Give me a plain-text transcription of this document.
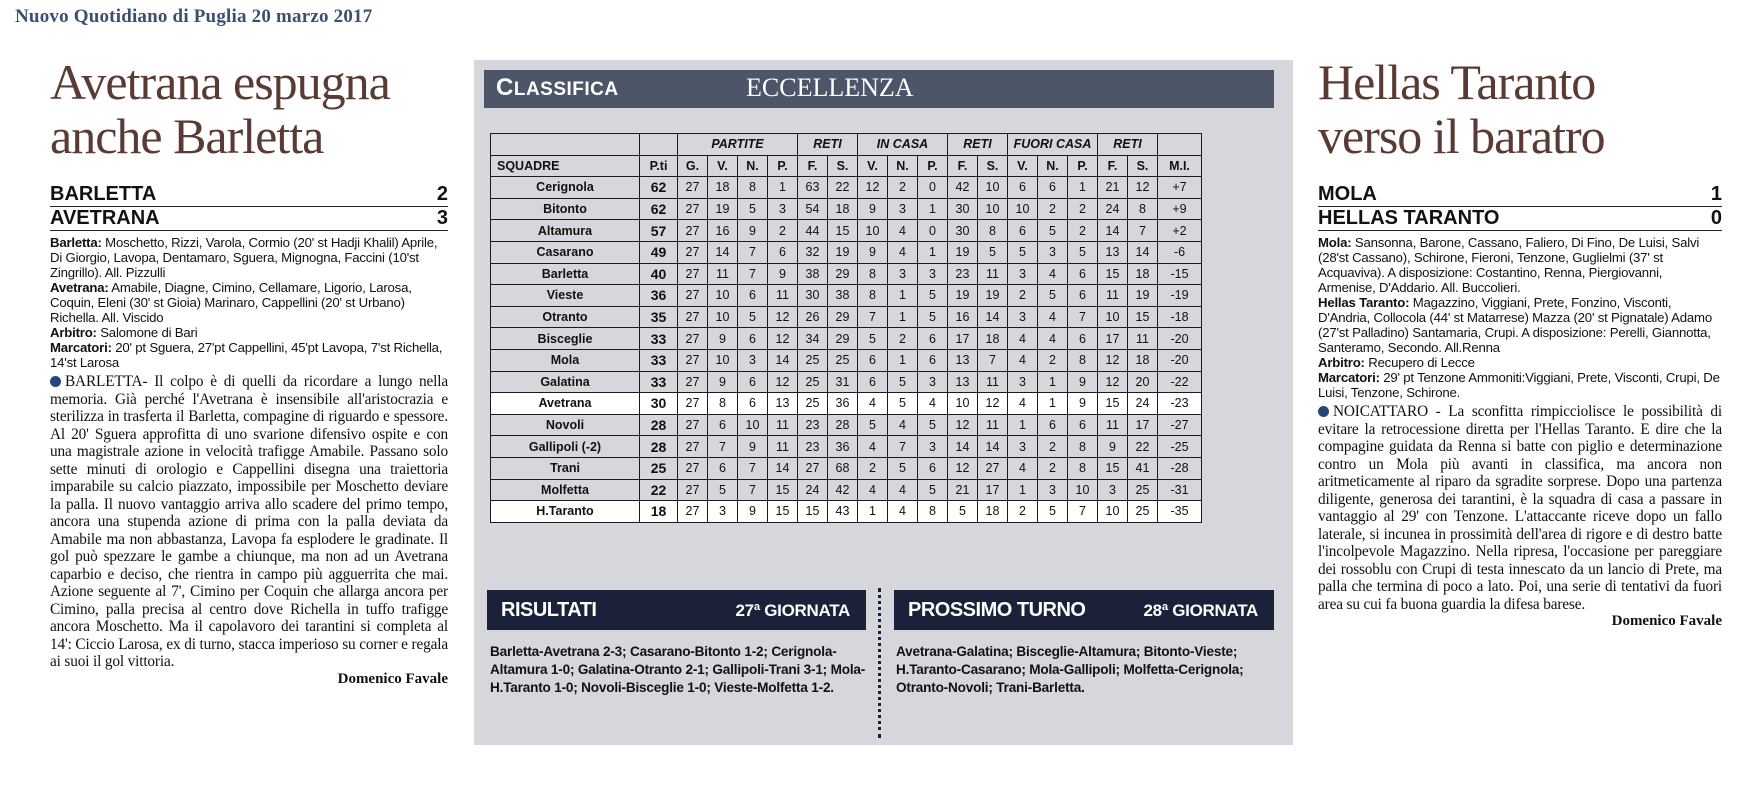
Nuovo Quotidiano di Puglia 20 marzo 2017
Avetrana espugna
anche Barletta
BARLETTA	2
AVETRANA	3
Barletta: Moschetto, Rizzi, Varola, Cormio (20' st Hadji Khalil) Aprile, Di Giorgio, Lavopa, Dentamaro, Sguera, Mignogna, Faccini (10'st Zingrillo). All. Pizzulli
Avetrana: Amabile, Diagne, Cimino, Cellamare, Ligorio, Larosa, Coquin, Eleni (30' st Gioia) Marinaro, Cappellini (20' st Urbano) Richella. All. Viscido
Arbitro: Salomone di Bari
Marcatori: 20' pt Sguera, 27'pt Cappellini, 45'pt Lavopa, 7'st Richella, 14'st Larosa
BARLETTA- Il colpo è di quelli da ricordare a lungo nella memoria. Già perché l'Avetrana è insensibile all'aristocrazia e sterilizza in trasferta il Barletta, compagine di riguardo e spessore. Al 20' Sguera approfitta di uno svarione difensivo ospite e con una magistrale azione in velocità trafigge Amabile. Passano solo sette minuti di orologio e Cappellini disegna una traiettoria imparabile su calcio piazzato, impossibile per Moschetto deviare la palla. Il nuovo vantaggio arriva allo scadere del primo tempo, ancora una stupenda azione di prima con la palla deviata da Amabile ma non abbastanza, Lavopa fa esplodere le gradinate. Il gol può spezzare le gambe a chiunque, ma non ad un Avetrana caparbio e deciso, che rientra in campo più agguerrita che mai. Azione seguente al 7', Cimino per Coquin che allarga ancora per Cimino, palla precisa al centro dove Richella in tuffo trafigge ancora Moschetto. Ma il capolavoro dei tarantini si completa al 14': Ciccio Larosa, ex di turno, stacca imperioso su corner e regala ai suoi il gol vittoria.
Domenico Favale
CLASSIFICA	ECCELLENZA
		PARTITE				RETI		IN CASA			RETI		FUORI CASA			RETI		
SQUADRE	P.ti	G.	V.	N.	P.	F.	S.	V.	N.	P.	F.	S.	V.	N.	P.	F.	S.	M.I.
Cerignola	62	27	18	8	1	63	22	12	2	0	42	10	6	6	1	21	12	+7
Bitonto	62	27	19	5	3	54	18	9	3	1	30	10	10	2	2	24	8	+9
Altamura	57	27	16	9	2	44	15	10	4	0	30	8	6	5	2	14	7	+2
Casarano	49	27	14	7	6	32	19	9	4	1	19	5	5	3	5	13	14	-6
Barletta	40	27	11	7	9	38	29	8	3	3	23	11	3	4	6	15	18	-15
Vieste	36	27	10	6	11	30	38	8	1	5	19	19	2	5	6	11	19	-19
Otranto	35	27	10	5	12	26	29	7	1	5	16	14	3	4	7	10	15	-18
Bisceglie	33	27	9	6	12	34	29	5	2	6	17	18	4	4	6	17	11	-20
Mola	33	27	10	3	14	25	25	6	1	6	13	7	4	2	8	12	18	-20
Galatina	33	27	9	6	12	25	31	6	5	3	13	11	3	1	9	12	20	-22
Avetrana	30	27	8	6	13	25	36	4	5	4	10	12	4	1	9	15	24	-23
Novoli	28	27	6	10	11	23	28	5	4	5	12	11	1	6	6	11	17	-27
Gallipoli (-2)	28	27	7	9	11	23	36	4	7	3	14	14	3	2	8	9	22	-25
Trani	25	27	6	7	14	27	68	2	5	6	12	27	4	2	8	15	41	-28
Molfetta	22	27	5	7	15	24	42	4	4	5	21	17	1	3	10	3	25	-31
H.Taranto	18	27	3	9	15	15	43	1	4	8	5	18	2	5	7	10	25	-35
RISULTATI	27ª GIORNATA	PROSSIMO TURNO	28ª GIORNATA
Barletta-Avetrana 2-3; Casarano-Bitonto 1-2; Cerignola-Altamura 1-0; Galatina-Otranto 2-1; Gallipoli-Trani 3-1; Mola-H.Taranto 1-0; Novoli-Bisceglie 1-0; Vieste-Molfetta 1-2.
Avetrana-Galatina; Bisceglie-Altamura; Bitonto-Vieste; H.Taranto-Casarano; Mola-Gallipoli; Molfetta-Cerignola; Otranto-Novoli; Trani-Barletta.
Hellas Taranto
verso il baratro
MOLA	1
HELLAS TARANTO	0
Mola: Sansonna, Barone, Cassano, Faliero, Di Fino, De Luisi, Salvi (28'st Cassano), Schirone, Fieroni, Tenzone, Guglielmi (37' st Acquaviva). A disposizione: Costantino, Renna, Piergiovanni, Armenise, D'Addario. All. Buccolieri.
Hellas Taranto: Magazzino, Viggiani, Prete, Fonzino, Visconti, D'Andria, Collocola (44' st Matarrese) Mazza (20' st Pignatale) Adamo (27'st Palladino) Santamaria, Crupi. A disposizione: Perelli, Giannotta, Santeramo, Secondo. All.Renna
Arbitro: Recupero di Lecce
Marcatori: 29' pt Tenzone Ammoniti:Viggiani, Prete, Visconti, Crupi, De Luisi, Tenzone, Schirone.
NOICATTARO - La sconfitta rimpicciolisce le possibilità di evitare la retrocessione diretta per l'Hellas Taranto. E dire che la compagine guidata da Renna si batte con piglio e determinazione contro un Mola più avanti in classifica, ma ancora non aritmeticamente al riparo da sgradite sorprese. Dopo una partenza diligente, generosa dei tarantini, è la squadra di casa a passare in vantaggio al 29' con Tenzone. L'attaccante riceve dopo un fallo laterale, si incunea in prossimità dell'area di rigore e di destro batte l'incolpevole Magazzino. Nella ripresa, l'occasione per pareggiare dei rossoblu con Crupi di testa innescato da un lancio di Prete, ma palla che termina di poco a lato. Poi, una serie di tentativi da fuori area su cui fa buona guardia la difesa barese.
Domenico Favale
